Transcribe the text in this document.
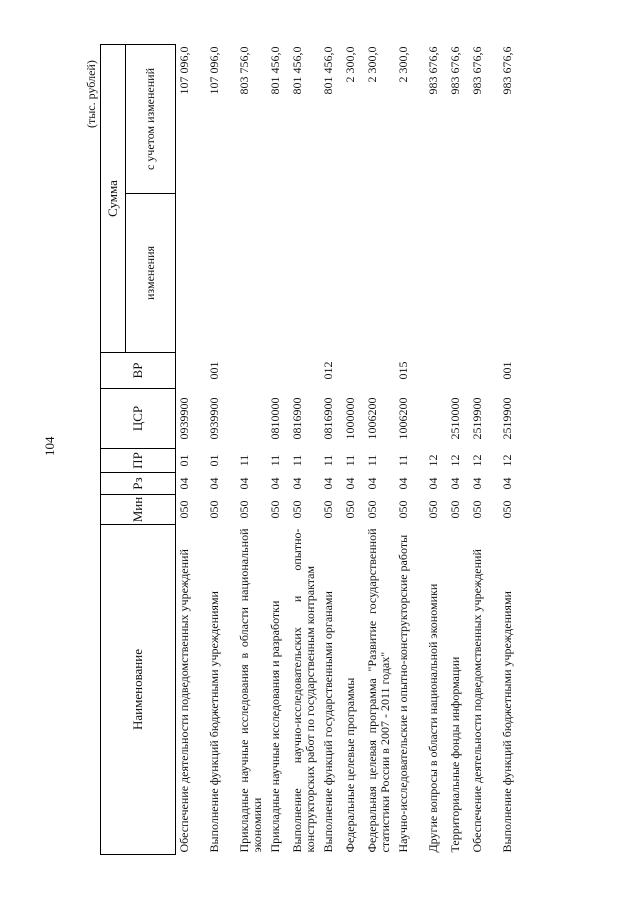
104
(тыс. рублей)
Наименование	Мин	Рз	ПР	ЦСР	ВР	Сумма	
						изменения	с учетом изменений
Обеспечение деятельности подведомственных учреждений	050	04	01	0939900			107 096,0
Выполнение функций бюджетными учреждениями	050	04	01	0939900	001		107 096,0
Прикладные научные исследования в области национальной экономики	050	04	11				803 756,0
Прикладные научные исследования и разработки	050	04	11	0810000			801 456,0
Выполнение научно-исследовательских и опытно-конструкторских работ по государственным контрактам	050	04	11	0816900			801 456,0
Выполнение функций государственными органами	050	04	11	0816900	012		801 456,0
Федеральные целевые программы	050	04	11	1000000			2 300,0
Федеральная целевая программа "Развитие государственной статистики России в 2007 - 2011 годах"	050	04	11	1006200			2 300,0
Научно-исследовательские и опытно-конструкторские работы	050	04	11	1006200	015		2 300,0
Другие вопросы в области национальной экономики	050	04	12				983 676,6
Территориальные фонды информации	050	04	12	2510000			983 676,6
Обеспечение деятельности подведомственных учреждений	050	04	12	2519900			983 676,6
Выполнение функций бюджетными учреждениями	050	04	12	2519900	001		983 676,6
